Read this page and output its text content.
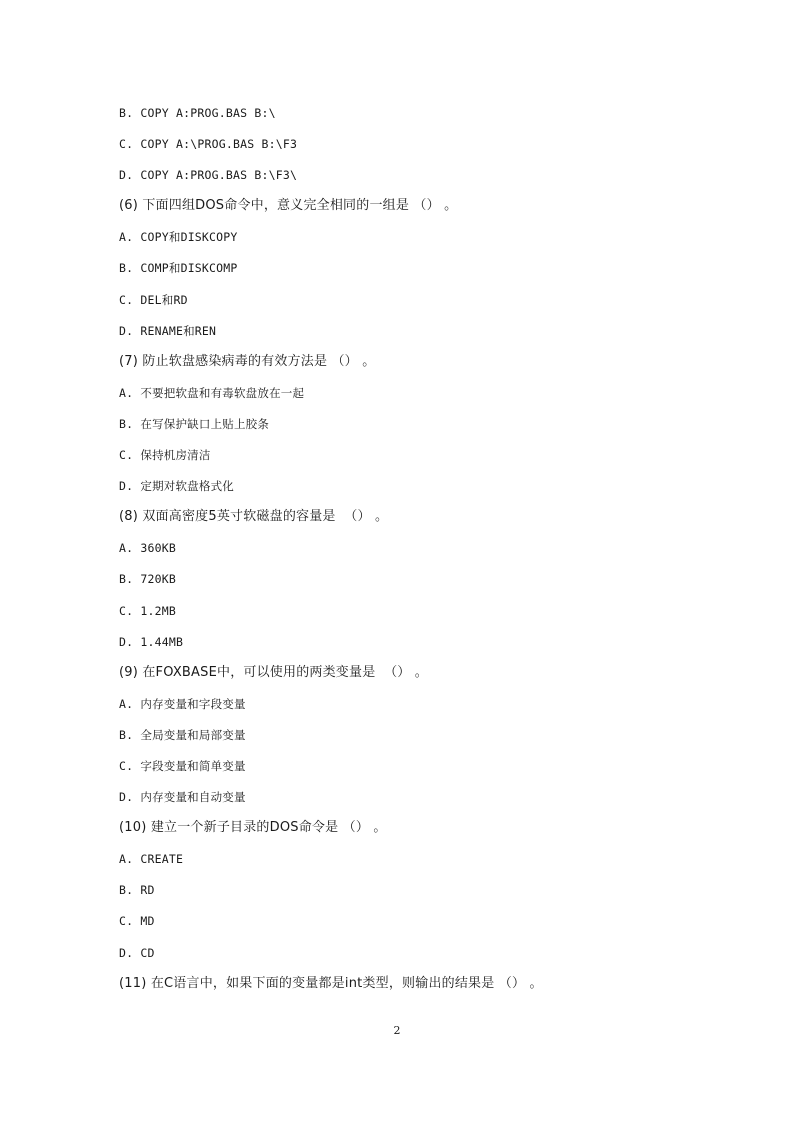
B. COPY A:PROG.BAS B:\
C. COPY A:\PROG.BAS B:\F3
D. COPY A:PROG.BAS B:\F3\
(6) 下面四组DOS命令中，意义完全相同的一组是 （） 。
A. COPY和DISKCOPY
B. COMP和DISKCOMP
C. DEL和RD
D. RENAME和REN
(7) 防止软盘感染病毒的有效方法是 （） 。
A. 不要把软盘和有毒软盘放在一起
B. 在写保护缺口上贴上胶条
C. 保持机房清洁
D. 定期对软盘格式化
(8) 双面高密度5英寸软磁盘的容量是  （） 。
A. 360KB
B. 720KB
C. 1.2MB
D. 1.44MB
(9) 在FOXBASE中，可以使用的两类变量是  （） 。
A. 内存变量和字段变量
B. 全局变量和局部变量
C. 字段变量和简单变量
D. 内存变量和自动变量
(10) 建立一个新子目录的DOS命令是 （） 。
A. CREATE
B. RD
C. MD
D. CD
(11) 在C语言中，如果下面的变量都是int类型，则输出的结果是 （） 。
2
